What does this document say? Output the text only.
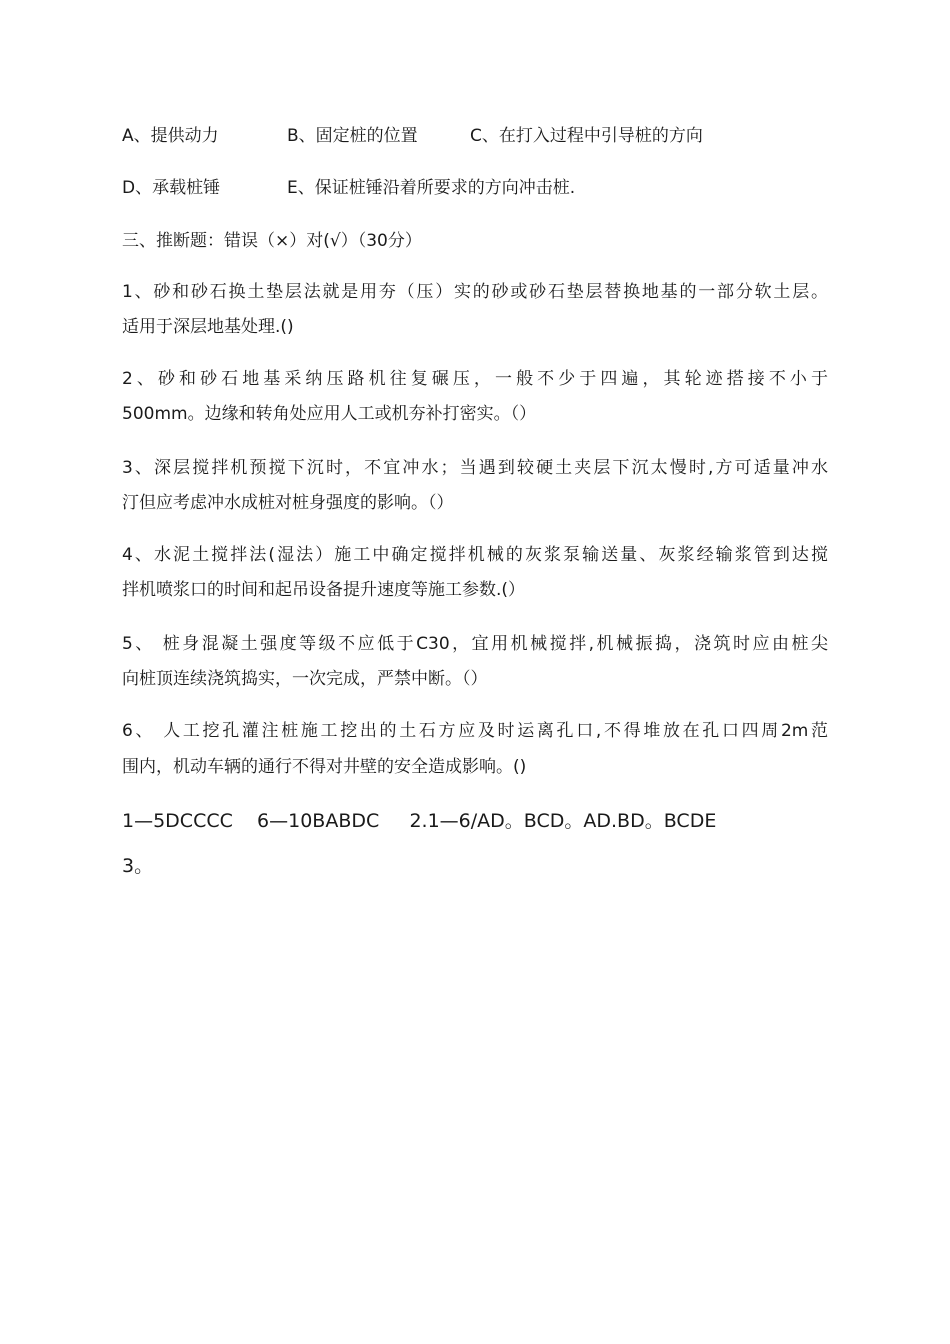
A、提供动力	B、固定桩的位置	C、在打入过程中引导桩的方向
D、承载桩锤	E、保证桩锤沿着所要求的方向冲击桩.
三、推断题：错误（×）对(√）（30分）
1、砂和砂石换土垫层法就是用夯（压）实的砂或砂石垫层替换地基的一部分软土层。
适用于深层地基处理.()
2、砂和砂石地基采纳压路机往复碾压，一般不少于四遍，其轮迹搭接不小于
500mm。边缘和转角处应用人工或机夯补打密实。（）
3、深层搅拌机预搅下沉时，不宜冲水；当遇到较硬土夹层下沉太慢时,方可适量冲水
汀但应考虑冲水成桩对桩身强度的影响。（）
4、水泥土搅拌法(湿法）施工中确定搅拌机械的灰浆泵输送量、灰浆经输浆管到达搅
拌机喷浆口的时间和起吊设备提升速度等施工参数.(）
5、 桩身混凝土强度等级不应低于C30，宜用机械搅拌,机械振捣，浇筑时应由桩尖
向桩顶连续浇筑捣实，一次完成，严禁中断。（）
6、 人工挖孔灌注桩施工挖出的土石方应及时运离孔口,不得堆放在孔口四周2m范
围内，机动车辆的通行不得对井壁的安全造成影响。()
1—5DCCCC    6—10BABDC     2.1—6/AD。BCD。AD.BD。BCDE
3。
